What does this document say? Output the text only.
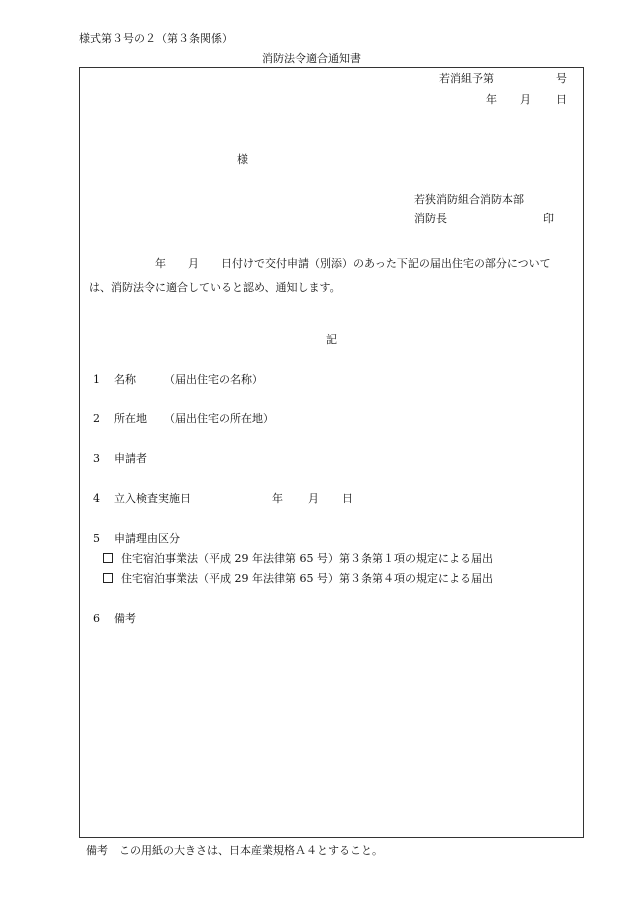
様式第３号の２（第３条関係）
消防法令適合通知書
若消組予第	号
年 月 日
様
若狭消防組合消防本部
消防長	印
年 月 日付けで交付申請（別添）のあった下記の届出住宅の部分について
は、消防法令に適合していると認め、通知します。
記
1 名称	（届出住宅の名称）
2 所在地 （届出住宅の所在地）
3 申請者
4 立入検査実施日	年 月 日
5 申請理由区分
住宅宿泊事業法（平成 29 年法律第 65 号）第３条第１項の規定による届出
住宅宿泊事業法（平成 29 年法律第 65 号）第３条第４項の規定による届出
6 備考
備考　この用紙の大きさは、日本産業規格Ａ４とすること。
